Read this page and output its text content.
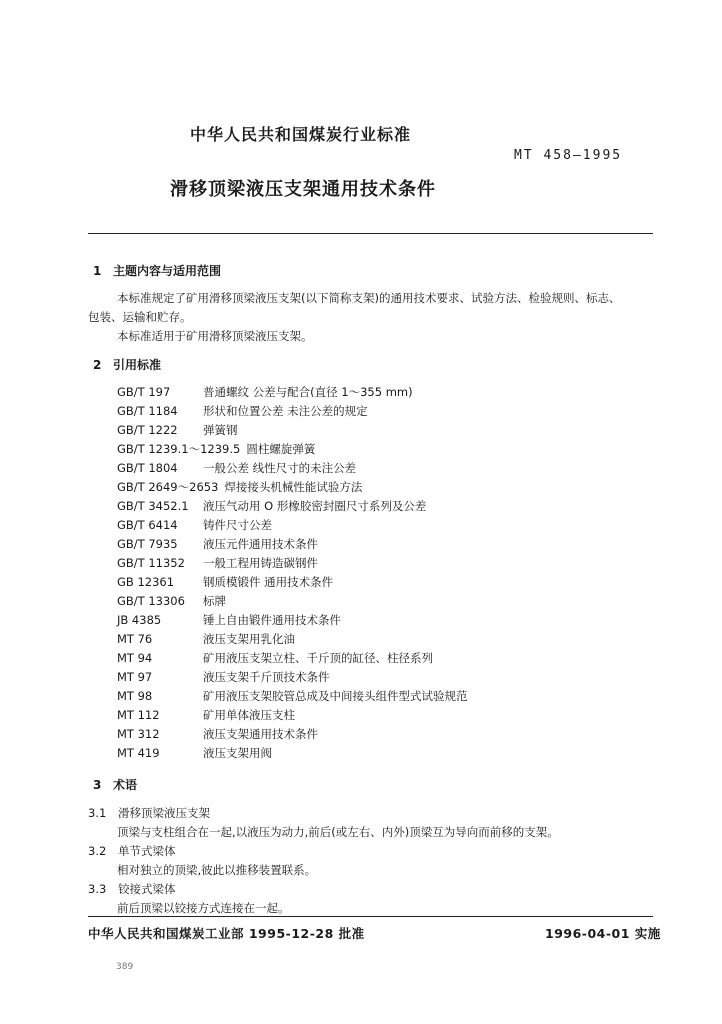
中华人民共和国煤炭行业标准
MT 458—1995
滑移顶梁液压支架通用技术条件
1 主题内容与适用范围
本标准规定了矿用滑移顶梁液压支架(以下简称支架)的通用技术要求、试验方法、检验规则、标志、
包装、运输和贮存。
本标准适用于矿用滑移顶梁液压支架。
2 引用标准
GB/T 197	普通螺纹 公差与配合(直径 1～355 mm)
GB/T 1184 形状和位置公差 未注公差的规定
GB/T 1222 弹簧钢
GB/T 1239.1～1239.5 圆柱螺旋弹簧
GB/T 1804 一般公差 线性尺寸的未注公差
GB/T 2649～2653 焊接接头机械性能试验方法
GB/T 3452.1 液压气动用 O 形橡胶密封圈尺寸系列及公差
GB/T 6414 铸件尺寸公差
GB/T 7935 液压元件通用技术条件
GB/T 11352 一般工程用铸造碳钢件
GB 12361	钢质模锻件 通用技术条件
GB/T 13306 标牌
JB 4385	锤上自由锻件通用技术条件
MT 76	液压支架用乳化油
MT 94	矿用液压支架立柱、千斤顶的缸径、柱径系列
MT 97	液压支架千斤顶技术条件
MT 98	矿用液压支架胶管总成及中间接头组件型式试验规范
MT 112	矿用单体液压支柱
MT 312	液压支架通用技术条件
MT 419	液压支架用阀
3 术语
3.1 滑移顶梁液压支架
顶梁与支柱组合在一起,以液压为动力,前后(或左右、内外)顶梁互为导向而前移的支架。
3.2 单节式梁体
相对独立的顶梁,彼此以推移装置联系。
3.3 铰接式梁体
前后顶梁以铰接方式连接在一起。
中华人民共和国煤炭工业部 1995-12-28 批准	1996-04-01 实施
389
